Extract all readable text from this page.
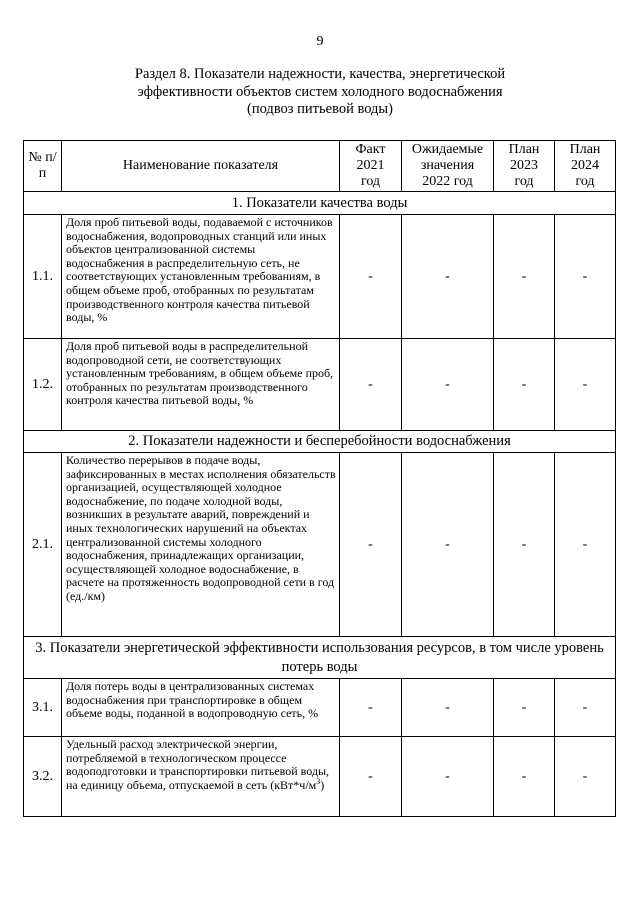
9
Раздел 8. Показатели надежности, качества, энергетической
эффективности объектов систем холодного водоснабжения
(подвоз питьевой воды)
№ п/п	Наименование показателя	Факт 2021 год	Ожидаемые значения 2022 год	План 2023 год	План 2024 год
1. Показатели качества воды					
1.1.	Доля проб питьевой воды, подаваемой с источников водоснабжения, водопроводных станций или иных объектов централизованной системы водоснабжения в распределительную сеть, не соответствующих установленным требованиям, в общем объеме проб, отобранных по результатам производственного контроля качества питьевой воды, %	-	-	-	-
1.2.	Доля проб питьевой воды в распределительной водопроводной сети, не соответствующих установленным требованиям, в общем объеме проб, отобранных по результатам производственного контроля качества питьевой воды, %	-	-	-	-
2. Показатели надежности и бесперебойности водоснабжения					
2.1.	Количество перерывов в подаче воды, зафиксированных в местах исполнения обязательств организацией, осуществляющей холодное водоснабжение, по подаче холодной воды, возникших в результате аварий, повреждений и иных технологических нарушений на объектах централизованной системы холодного водоснабжения, принадлежащих организации, осуществляющей холодное водоснабжение, в расчете на протяженность водопроводной сети в год (ед./км)	-	-	-	-
3. Показатели энергетической эффективности использования ресурсов, в том числе уровень потерь воды					
3.1.	Доля потерь воды в централизованных системах водоснабжения при транспортировке в общем объеме воды, поданной в водопроводную сеть, %	-	-	-	-
3.2.	Удельный расход электрической энергии, потребляемой в технологическом процессе водоподготовки и транспортировки питьевой воды, на единицу объема, отпускаемой в сеть $(кВт*ч/м^3)$	-	-	-	-
